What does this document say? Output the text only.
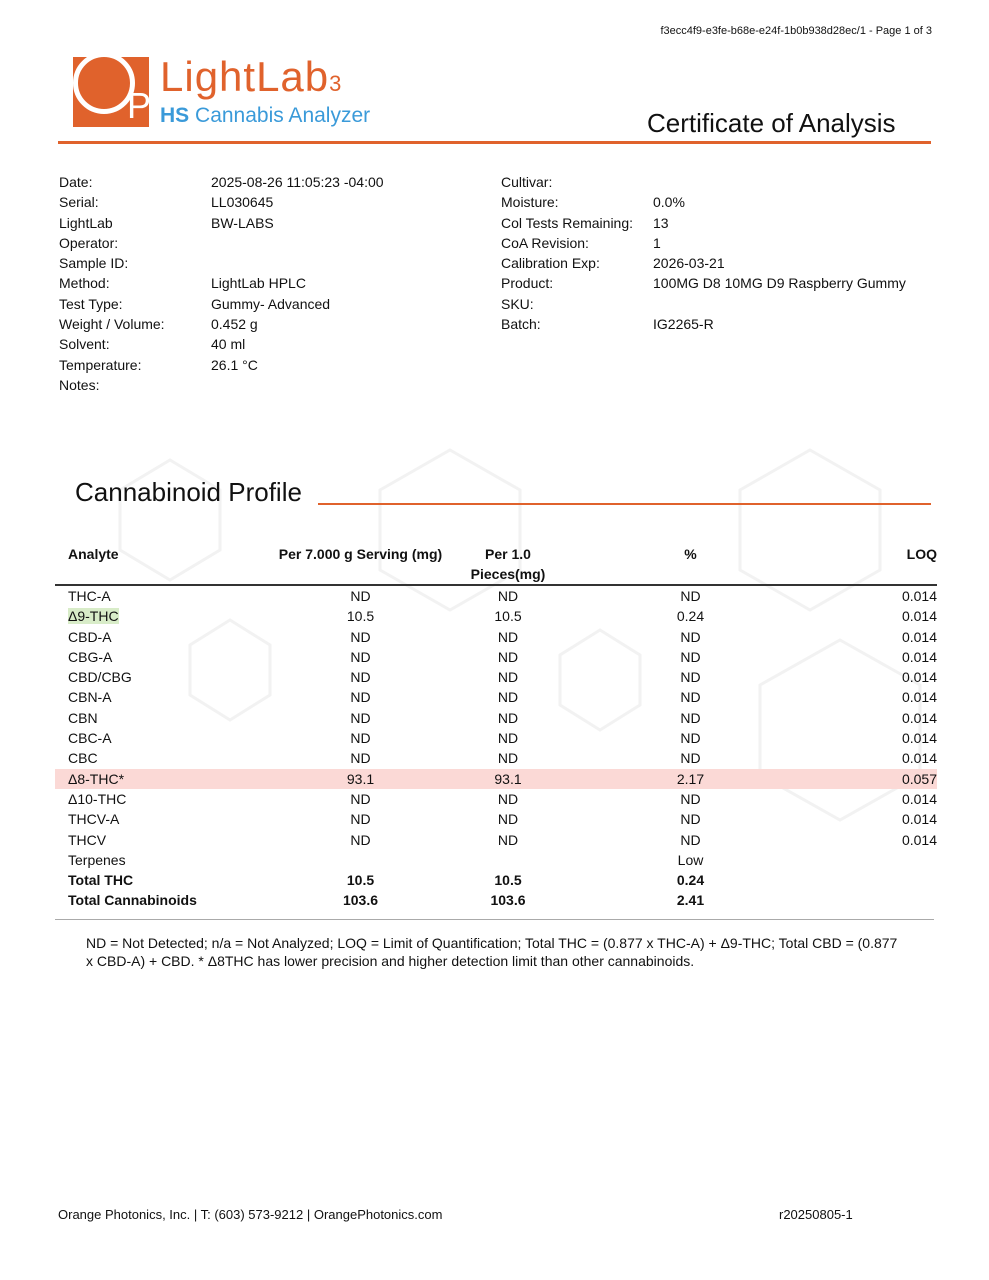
f3ecc4f9-e3fe-b68e-e24f-1b0b938d28ec/1 - Page 1 of 3
P
LightLab3
HS Cannabis Analyzer	Certificate of Analysis
Date:	2025-08-26 11:05:23 -04:00
Serial:	LL030645
LightLab	BW-LABS
Operator:
Sample ID:
Method:	LightLab HPLC
Test Type:	Gummy- Advanced
Weight / Volume:	0.452 g
Solvent:	40 ml
Temperature:	26.1 °C
Notes:
Cultivar:
Moisture:	0.0%
Col Tests Remaining:	13
CoA Revision:	1
Calibration Exp:	2026-03-21
Product:	100MG D8 10MG D9 Raspberry Gummy
SKU:
Batch:	IG2265-R
Cannabinoid Profile
Analyte	Per 7.000 g Serving (mg)	Per 1.0 Pieces(mg)	%	LOQ
THC-A	ND	ND	ND	0.014
Δ9-THC	10.5	10.5	0.24	0.014
CBD-A	ND	ND	ND	0.014
CBG-A	ND	ND	ND	0.014
CBD/CBG	ND	ND	ND	0.014
CBN-A	ND	ND	ND	0.014
CBN	ND	ND	ND	0.014
CBC-A	ND	ND	ND	0.014
CBC	ND	ND	ND	0.014
Δ8-THC*	93.1	93.1	2.17	0.057
Δ10-THC	ND	ND	ND	0.014
THCV-A	ND	ND	ND	0.014
THCV	ND	ND	ND	0.014
Terpenes			Low	
Total THC	10.5	10.5	0.24	
Total Cannabinoids	103.6	103.6	2.41	
ND = Not Detected; n/a = Not Analyzed; LOQ = Limit of Quantification; Total THC = (0.877 x THC-A) + Δ9-THC; Total CBD = (0.877 x CBD-A) + CBD. * Δ8THC has lower precision and higher detection limit than other cannabinoids.
Orange Photonics, Inc. | T: (603) 573-9212 | OrangePhotonics.com	r20250805-1
